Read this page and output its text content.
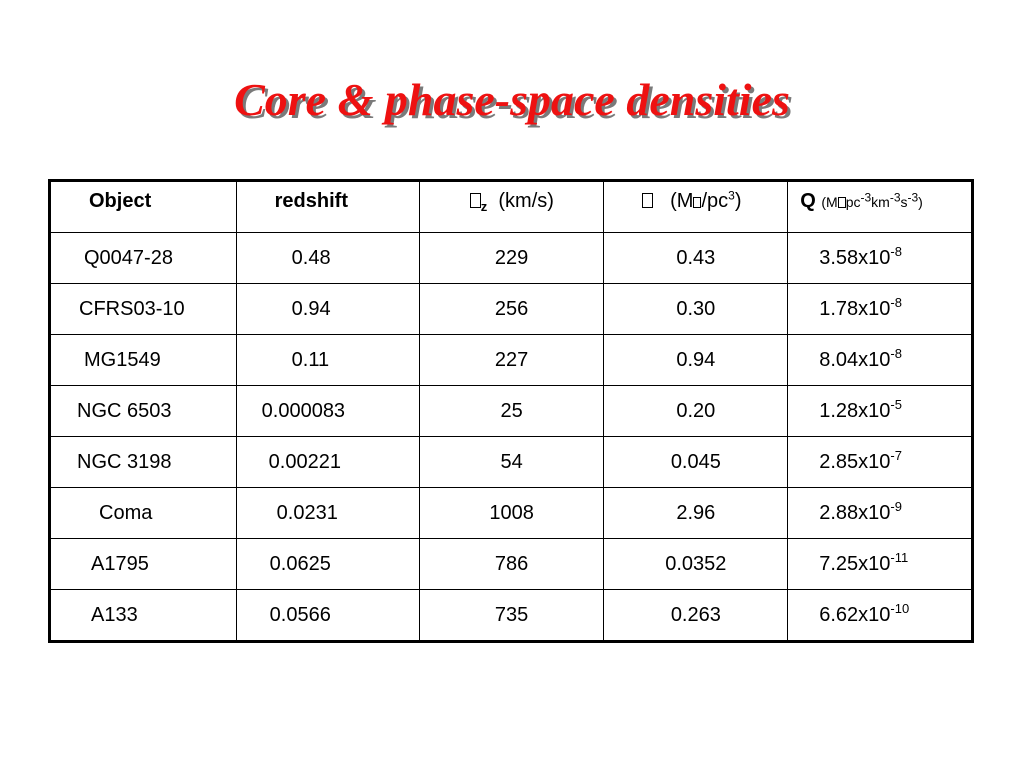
Core & phase-space densities
Object	redshift	$_z$ (km/s)	(M $/pc^3$)	Q (M $pc^{-3}km^{-3}s^{-3}$)

Q0047-28	0.48	229	0.43	$3.58x10^{-8}$

CFRS03-10	0.94	256	0.30	$1.78x10^{-8}$

MG1549	0.11	227	0.94	$8.04x10^{-8}$

NGC 6503	0.000083	25	0.20	$1.28x10^{-5}$

NGC 3198	0.00221	54	0.045	$2.85x10^{-7}$

Coma	0.0231	1008	2.96	$2.88x10^{-9}$

A1795	0.0625	786	0.0352	$7.25x10^{-11}$

A133	0.0566	735	0.263	$6.62x10^{-10}$
